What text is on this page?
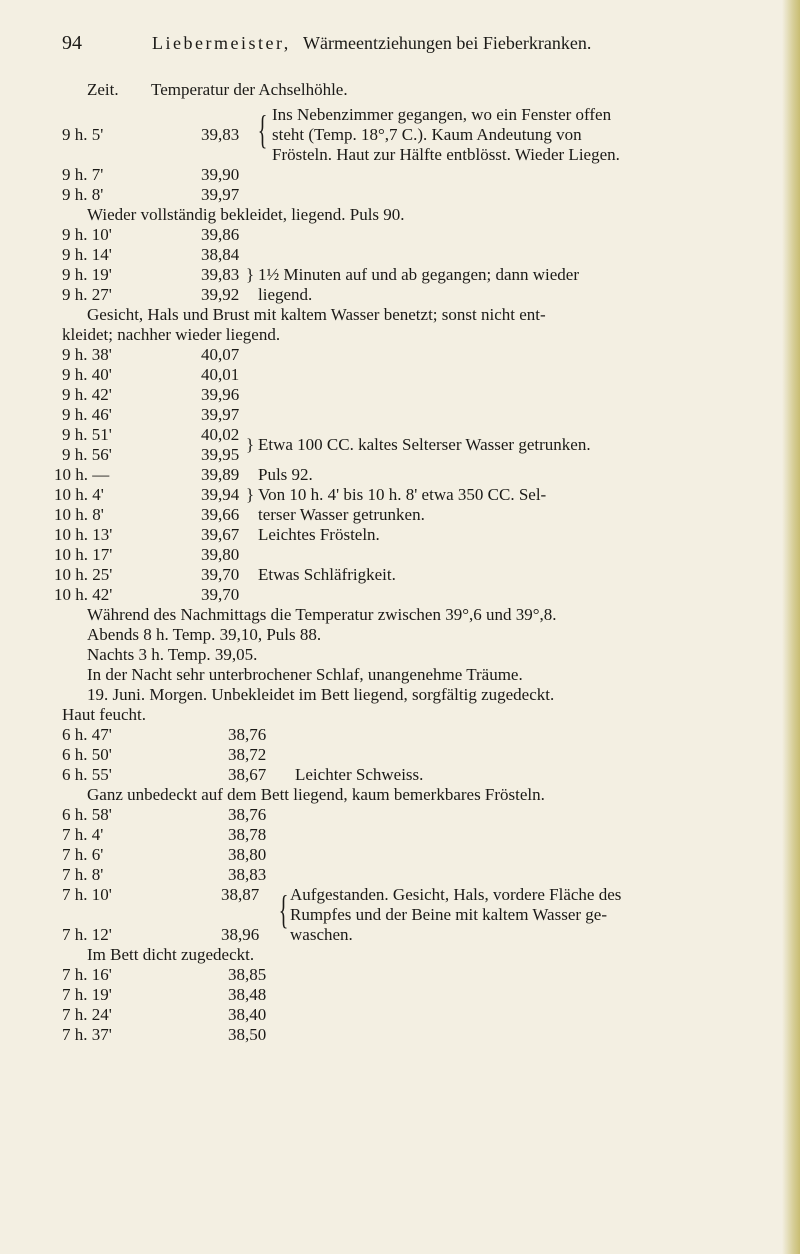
94	Liebermeister, Wärmeentziehungen bei Fieberkranken.
Zeit. Temperatur der Achselhöhle.
{ Ins Nebenzimmer gegangen, wo ein Fenster offen
9 h. 5'	39,83 steht (Temp. 18°,7 C.). Kaum Andeutung von
Frösteln. Haut zur Hälfte entblösst. Wieder Liegen.
9 h. 7'	39,90
9 h. 8'	39,97
Wieder vollständig bekleidet, liegend. Puls 90.
9 h. 10'	39,86
9 h. 14'	38,84
9 h. 19'	39,83 } 1½ Minuten auf und ab gegangen; dann wieder
9 h. 27'	39,92 liegend.
Gesicht, Hals und Brust mit kaltem Wasser benetzt; sonst nicht ent-
kleidet; nachher wieder liegend.
9 h. 38'	40,07
9 h. 40'	40,01
9 h. 42'	39,96
9 h. 46'	39,97
9 h. 51'	40,02
9 h. 56'	39,95
} Etwa 100 CC. kaltes Selterser Wasser getrunken.
10 h. —	39,89 Puls 92.
10 h. 4'	39,94 } Von 10 h. 4' bis 10 h. 8' etwa 350 CC. Sel-
10 h. 8'	39,66 terser Wasser getrunken.
10 h. 13'	39,67 Leichtes Frösteln.
10 h. 17'	39,80
10 h. 25'	39,70 Etwas Schläfrigkeit.
10 h. 42'	39,70
Während des Nachmittags die Temperatur zwischen 39°,6 und 39°,8.
Abends 8 h. Temp. 39,10, Puls 88.
Nachts 3 h. Temp. 39,05.
In der Nacht sehr unterbrochener Schlaf, unangenehme Träume.
19. Juni. Morgen. Unbekleidet im Bett liegend, sorgfältig zugedeckt.
Haut feucht.
6 h. 47'	38,76
6 h. 50'	38,72
6 h. 55'	38,67 Leichter Schweiss.
Ganz unbedeckt auf dem Bett liegend, kaum bemerkbares Frösteln.
6 h. 58'	38,76
7 h. 4'	38,78
7 h. 6'	38,80
7 h. 8'	38,83
7 h. 10'	38,87 { Aufgestanden. Gesicht, Hals, vordere Fläche des
Rumpfes und der Beine mit kaltem Wasser ge-
7 h. 12'	38,96 waschen.
Im Bett dicht zugedeckt.
7 h. 16'	38,85
7 h. 19'	38,48
7 h. 24'	38,40
7 h. 37'	38,50
